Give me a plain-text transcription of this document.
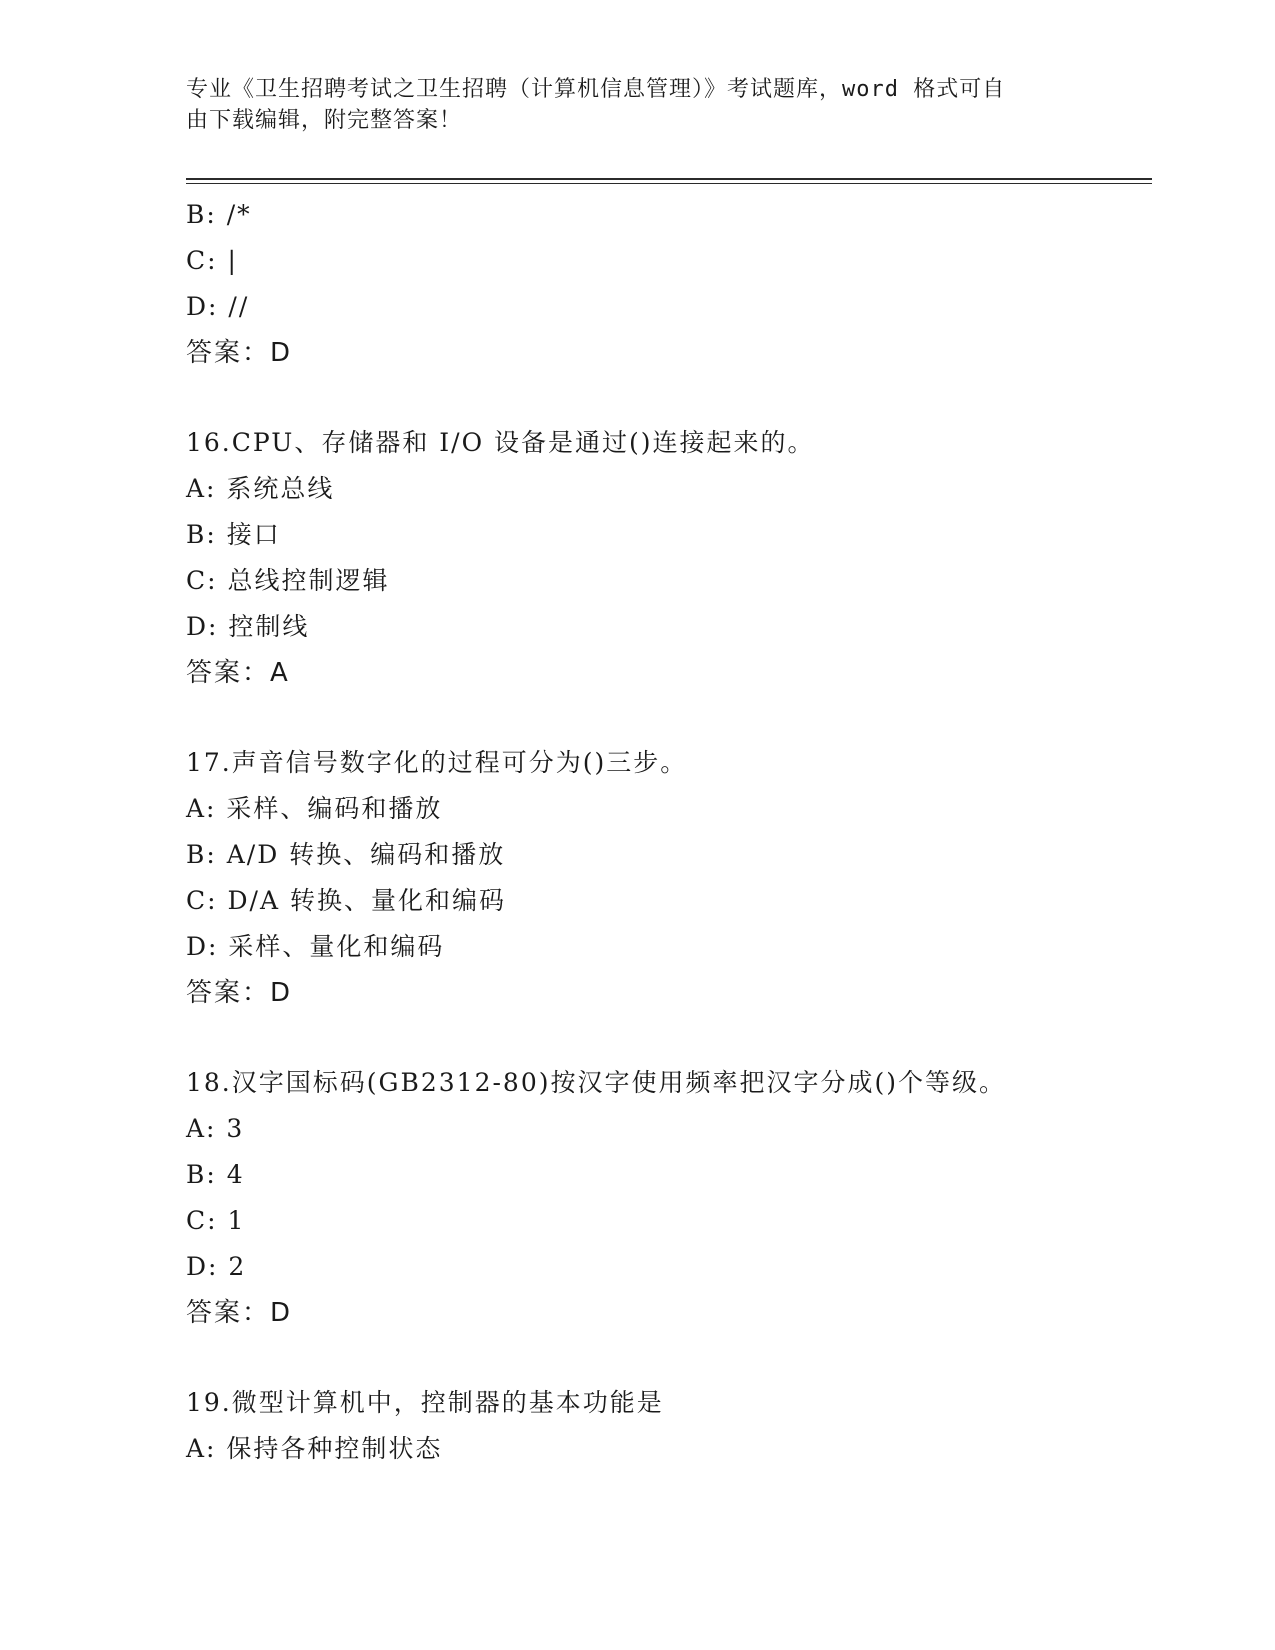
专业《卫生招聘考试之卫生招聘（计算机信息管理）》考试题库，word 格式可自
由下载编辑，附完整答案！
B: /*
C: |
D: //
答案：D
16.CPU、存储器和 I/O 设备是通过()连接起来的。
A: 系统总线
B: 接口
C: 总线控制逻辑
D: 控制线
答案：A
17.声音信号数字化的过程可分为()三步。
A: 采样、编码和播放
B: A/D 转换、编码和播放
C: D/A 转换、量化和编码
D: 采样、量化和编码
答案：D
18.汉字国标码(GB2312-80)按汉字使用频率把汉字分成()个等级。
A: 3
B: 4
C: 1
D: 2
答案：D
19.微型计算机中，控制器的基本功能是
A: 保持各种控制状态
